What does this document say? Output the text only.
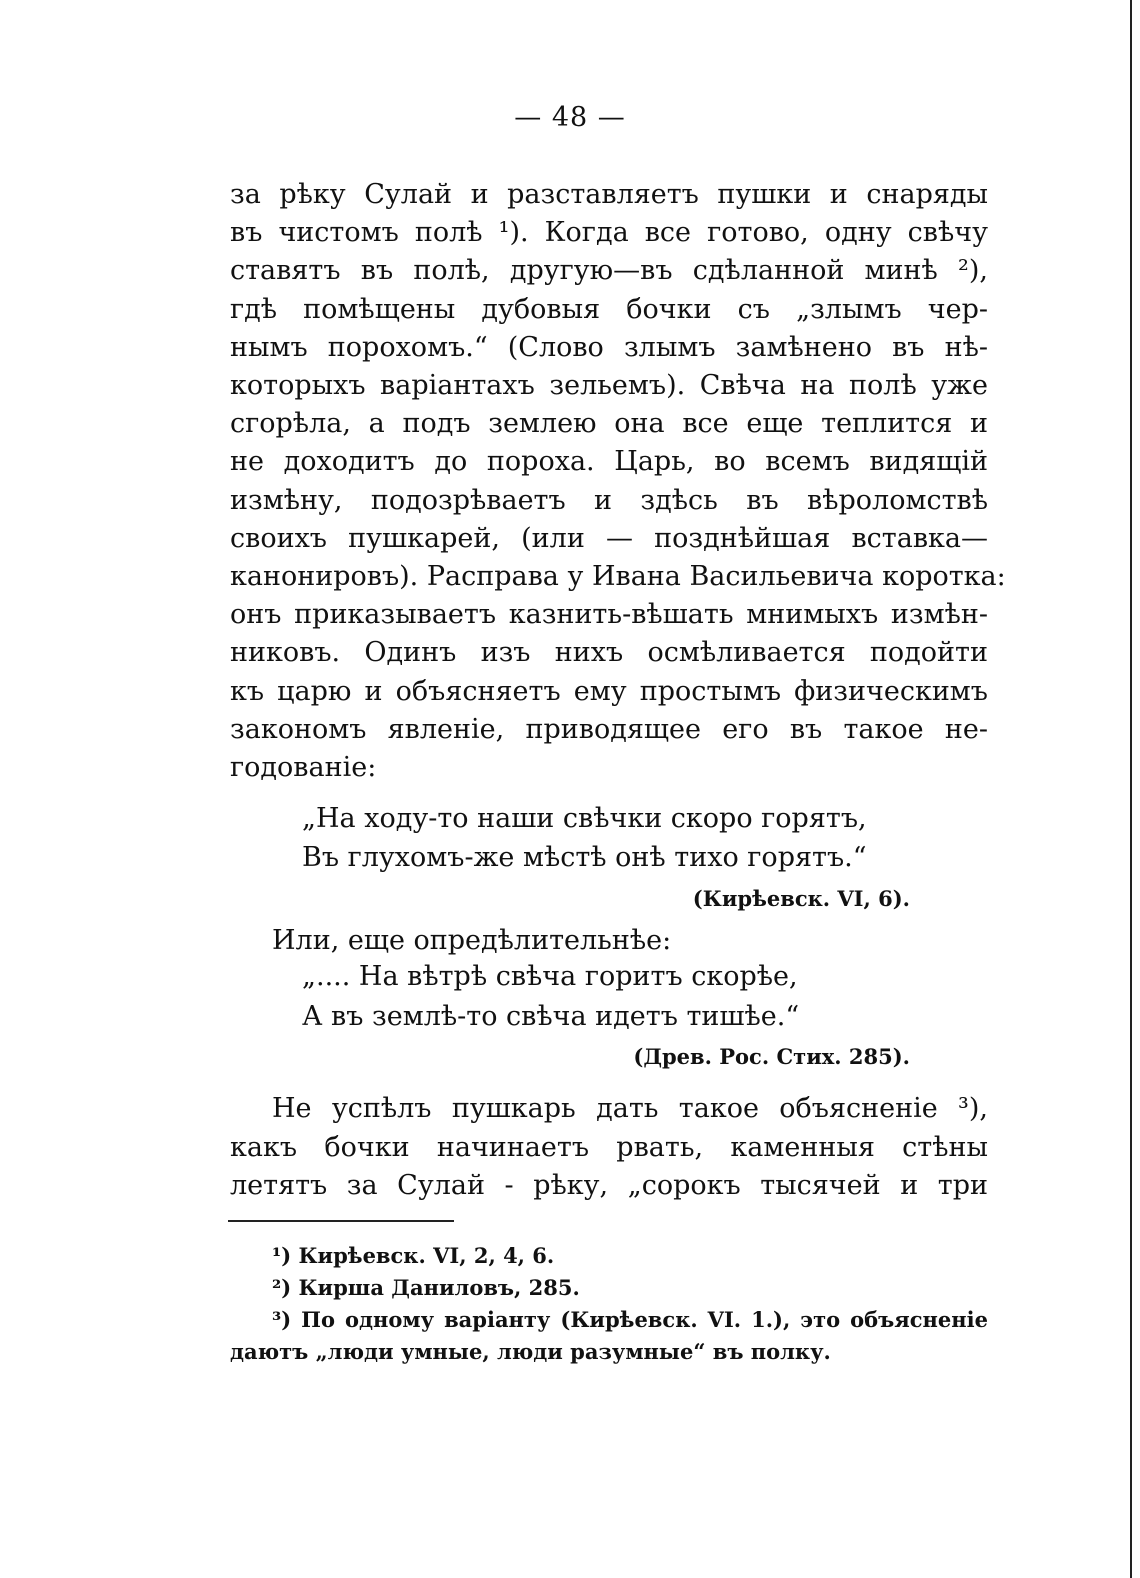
— 48 —
за рѣку Сулай и разставляетъ пушки и снаряды
въ чистомъ полѣ ¹). Когда все готово, одну свѣчу
ставятъ въ полѣ, другую—въ сдѣланной минѣ ²),
гдѣ помѣщены дубовыя бочки съ „злымъ чер-
нымъ порохомъ.“ (Слово злымъ замѣнено въ нѣ-
которыхъ варіантахъ зельемъ). Свѣча на полѣ уже
сгорѣла, а подъ землею она все еще теплится и
не доходитъ до пороха. Царь, во всемъ видящій
измѣну, подозрѣваетъ и здѣсь въ вѣроломствѣ
своихъ пушкарей, (или — позднѣйшая вставка—
канонировъ). Расправа у Ивана Васильевича коротка:
онъ приказываетъ казнить-вѣшать мнимыхъ измѣн-
никовъ. Одинъ изъ нихъ осмѣливается подойти
къ царю и объясняетъ ему простымъ физическимъ
закономъ явленіе, приводящее его въ такое не-
годованіе:
„На ходу-то наши свѣчки скоро горятъ,
Въ глухомъ-же мѣстѣ онѣ тихо горятъ.“
(Кирѣевск. VI, 6).
Или, еще опредѣлительнѣе:
„.... На вѣтрѣ свѣча горитъ скорѣе,
А въ землѣ-то свѣча идетъ тишѣе.“
(Древ. Рос. Стих. 285).
Не успѣлъ пушкарь дать такое объясненіе ³),
какъ бочки начинаетъ рвать, каменныя стѣны
летятъ за Сулай - рѣку, „сорокъ тысячей и три
¹) Кирѣевск. VI, 2, 4, 6.
²) Кирша Даниловъ, 285.
³) По одному варіанту (Кирѣевск. VI. 1.), это объясненіе
даютъ „люди умные, люди разумные“ въ полку.
